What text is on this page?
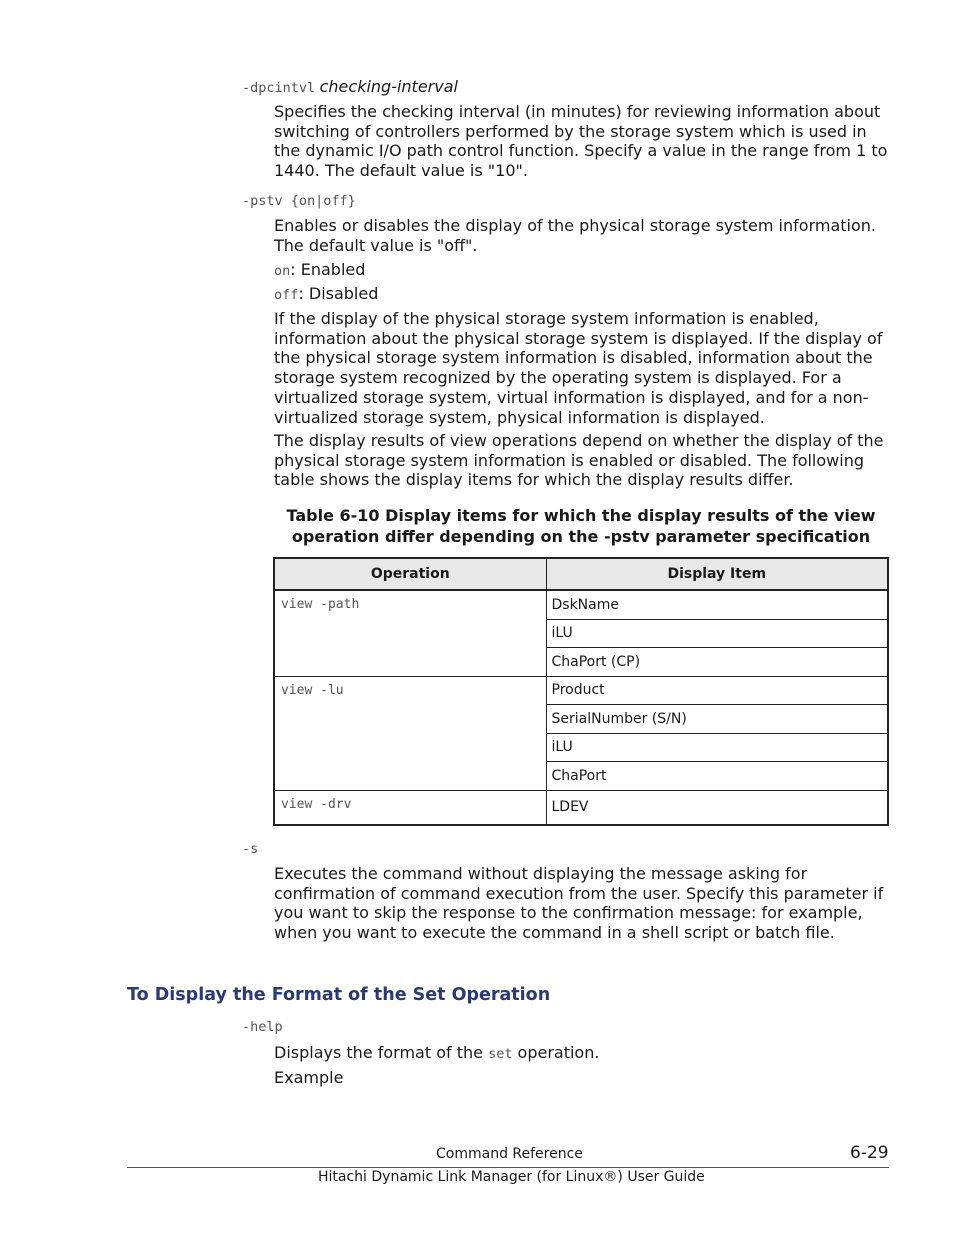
-dpcintvl checking-interval

Specifies the checking interval (in minutes) for reviewing information about switching of controllers performed by the storage system which is used in the dynamic I/O path control function. Specify a value in the range from 1 to 1440. The default value is "10".

-pstv {on|off}

Enables or disables the display of the physical storage system information. The default value is "off".

on: Enabled

off: Disabled

If the display of the physical storage system information is enabled, information about the physical storage system is displayed. If the display of the physical storage system information is disabled, information about the storage system recognized by the operating system is displayed. For a virtualized storage system, virtual information is displayed, and for a non-virtualized storage system, physical information is displayed.

The display results of view operations depend on whether the display of the physical storage system information is enabled or disabled. The following table shows the display items for which the display results differ.

Table 6-10 Display items for which the display results of the view operation differ depending on the -pstv parameter specification

Operation	Display Item
view -path	DskName
	iLU
	ChaPort (CP)
view -lu	Product
	SerialNumber (S/N)
	iLU
	ChaPort
view -drv	LDEV
-s

Executes the command without displaying the message asking for confirmation of command execution from the user. Specify this parameter if you want to skip the response to the confirmation message: for example, when you want to execute the command in a shell script or batch file.

To Display the Format of the Set Operation
-help

Displays the format of the set operation.

Example

Command Reference	6-29
Hitachi Dynamic Link Manager (for Linux®) User Guide
